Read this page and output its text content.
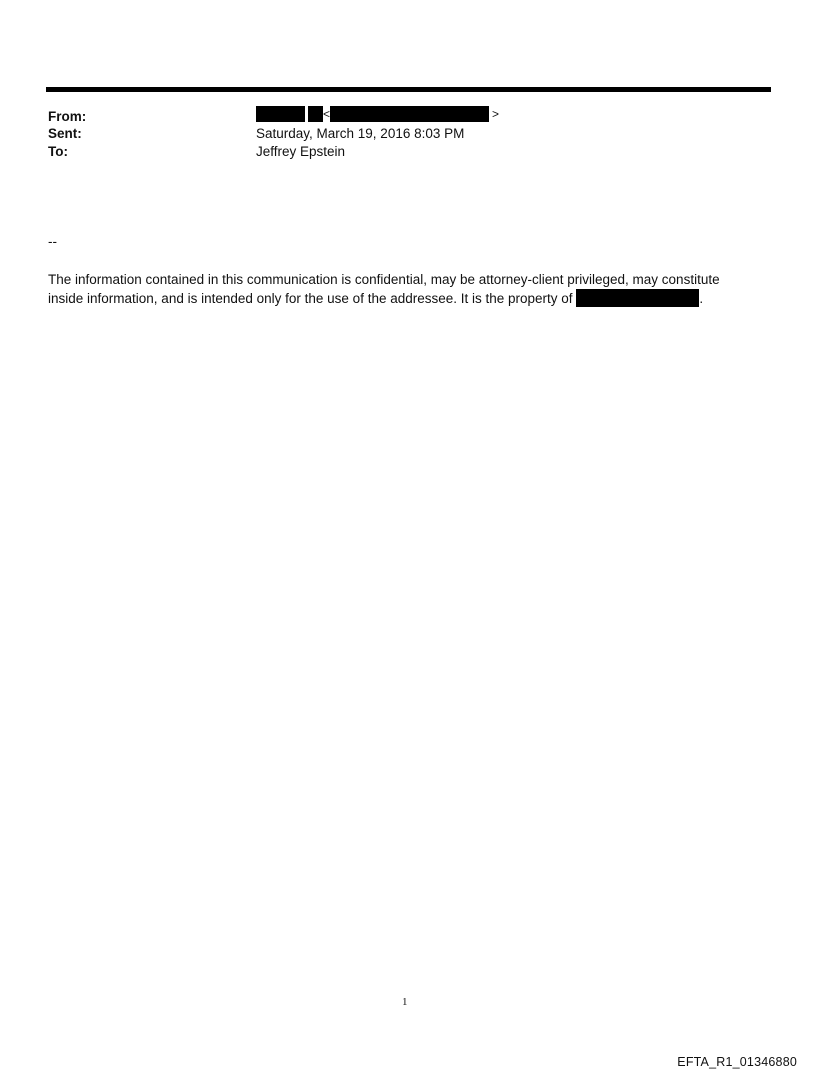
From:
Sent:
To:
<	>
Saturday, March 19, 2016 8:03 PM
Jeffrey Epstein
--
The information contained in this communication is confidential, may be attorney-client privileged, may constitute
inside information, and is intended only for the use of the addressee. It is the property of	.
1
EFTA_R1_01346880
